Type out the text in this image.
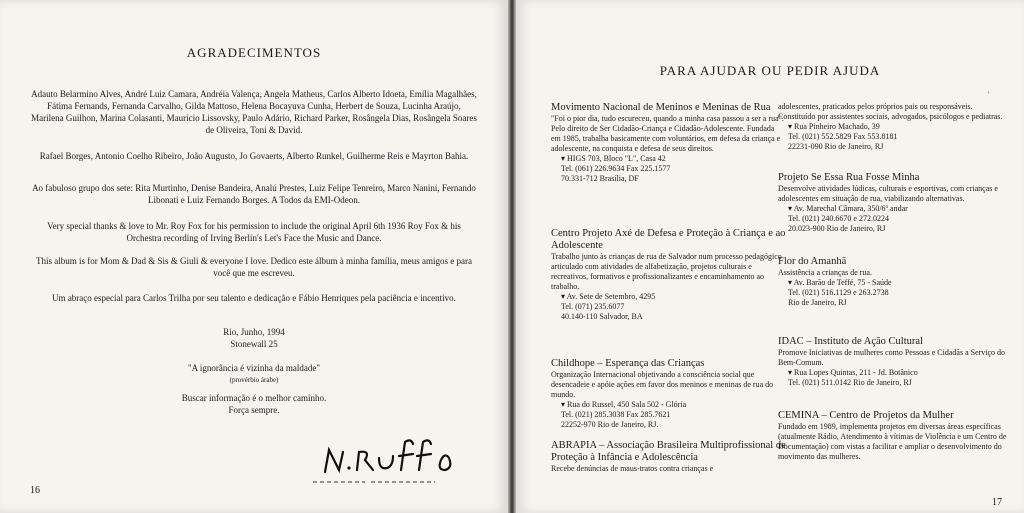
AGRADECIMENTOS
Adauto Belarmino Alves, André Luiz Camara, Andréia Valença, Angela Matheus, Carlos Alberto Idoeta, Emília Magalhães, Fátima Fernands, Fernanda Carvalho, Gilda Mattoso, Helena Bocayuva Cunha, Herbert de Souza, Lucinha Araújo, Marilena Guilhon, Marina Colasanti, Maurício Lissovsky, Paulo Adário, Richard Parker, Rosângela Dias, Rosângela Soares de Oliveira, Toni & David.
Rafael Borges, Antonio Coelho Ribeiro, João Augusto, Jo Govaerts, Alberto Runkel, Guilherme Reis e Mayrton Bahia.
Ao fabuloso grupo dos sete: Rita Murtinho, Denise Bandeira, Analú Prestes, Luiz Felipe Tenreiro, Marco Nanini, Fernando Libonati e Luiz Fernando Borges. A Todos da EMI-Odeon.
Very special thanks & love to Mr. Roy Fox for his permission to include the original April 6th 1936 Roy Fox & his Orchestra recording of Irving Berlin's Let's Face the Music and Dance.
This album is for Mom & Dad & Sis & Giuli & everyone I love. Dedico este álbum à minha família, meus amigos e para você que me escreveu.
Um abraço especial para Carlos Trilha por seu talento e dedicação e Fábio Henriques pela paciência e incentivo.
Rio, Junho, 1994
Stonewall 25
"A ignorância é vizinha da maldade"
(provérbio árabe)
Buscar informação é o melhor caminho.
Força sempre.
16
PARA AJUDAR OU PEDIR AJUDA
'
Movimento Nacional de Meninos e Meninas de Rua
"Foi o pior dia, tudo escureceu, quando a minha casa passou a ser a rua". Pelo direito de Ser Cidadão-Criança e Cidadão-Adolescente. Fundada em 1985, trabalha basicamente com voluntários, em defesa da criança e adolescente, na conquista e defesa de seus direitos.
▾ HIGS 703, Bloco "L", Casa 42
Tel. (061) 226.9634 Fax 225.1577
70.331-712 Brasília, DF
Centro Projeto Axé de Defesa e Proteção à Criança e ao Adolescente
Trabalho junto às crianças de rua de Salvador num processo pedagógico articulado com atividades de alfabetização, projetos culturais e recreativos, formativos e profissionalizantes e encaminhamento ao trabalho.
▾ Av. Sete de Setembro, 4295
Tel. (071) 235.6077
40.140-110 Salvador, BA
Childhope – Esperança das Crianças
Organização Internacional objetivando a consciência social que desencadeie e apóie ações em favor dos meninos e meninas de rua do mundo.
▾ Rua do Russel, 450 Sala 502 - Glória
Tel. (021) 285.3038 Fax 285.7621
22252-970 Rio de Janeiro, RJ.
ABRAPIA – Associação Brasileira Multiprofissional de Proteção à Infância e Adolescência
Recebe denúncias de maus-tratos contra crianças e
adolescentes, praticados pelos próprios pais ou responsáveis. Constituído por assistentes sociais, advogados, psicólogos e pediatras.
▾ Rua Pinheiro Machado, 39
Tel. (021) 552.5829 Fax 553.8181
22231-090 Rio de Janeiro, RJ
Projeto Se Essa Rua Fosse Minha
Desenvolve atividades lúdicas, culturais e esportivas, com crianças e adolescentes em situação de rua, viabilizando alternativas.
▾ Av. Marechal Câmara, 350/6º andar
Tel. (021) 240.6670 e 272.0224
20.023-900 Rio de Janeiro, RJ
Flor do Amanhã
Assistência a crianças de rua.
▾ Av. Barão de Teffé, 75 - Saúde
Tel. (021) 516.1129 e 263.2738
Rio de Janeiro, RJ
IDAC – Instituto de Ação Cultural
Promove Iniciativas de mulheres como Pessoas e Cidadãs a Serviço do Bem-Comum.
▾ Rua Lopes Quintas, 211 - Jd. Botânico
Tel. (021) 511.0142 Rio de Janeiro, RJ
CEMINA – Centro de Projetos da Mulher
Fundado em 1989, implementa projetos em diversas áreas específicas (atualmente Rádio, Atendimento à vítimas de Violência e um Centro de Documentação) com vistas a facilitar e ampliar o desenvolvimento do movimento das mulheres.
17
